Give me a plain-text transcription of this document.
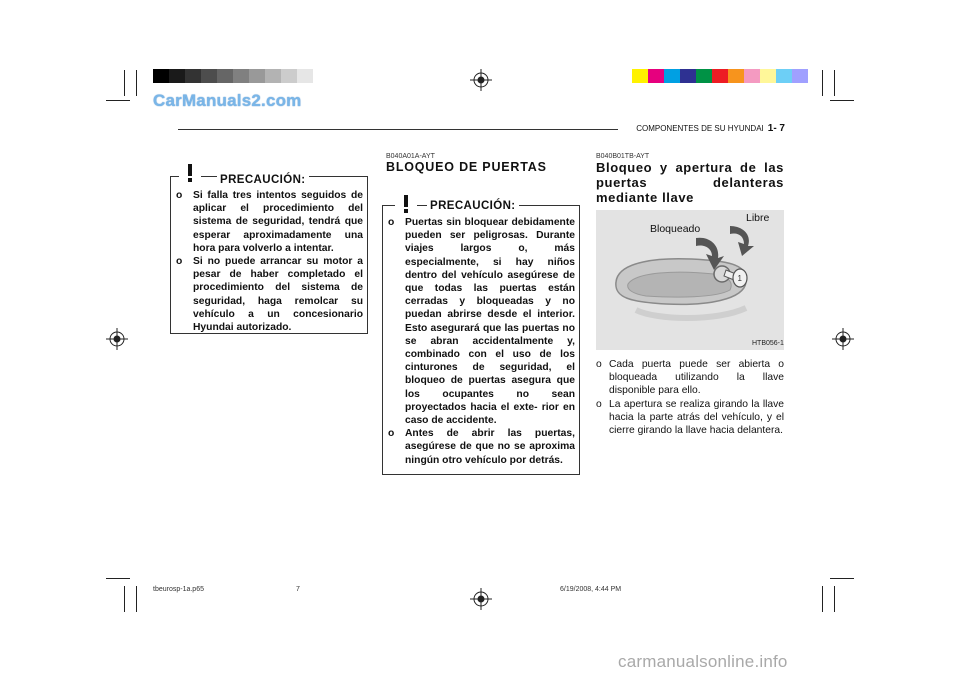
CarManuals2.com
COMPONENTES DE SU HYUNDAI 1- 7
PRECAUCIÓN:
o Si falla tres intentos seguidos de aplicar el procedimiento del sistema de seguridad, tendrá que esperar aproximadamente una hora para volverlo a intentar.
o Si no puede arrancar su motor a pesar de haber completado el procedimiento del sistema de seguridad, haga remolcar su vehículo a un concesionario Hyundai autorizado.
B040A01A-AYT
BLOQUEO DE PUERTAS
PRECAUCIÓN:
o Puertas sin bloquear debidamente pueden ser peligrosas. Durante viajes largos o, más especialmente, si hay niños dentro del vehículo asegúrese de que todas las puertas están cerradas y bloqueadas y no puedan abrirse desde el interior. Esto asegurará que las puertas no se abran accidentalmente y, combinado con el uso de los cinturones de seguridad, el bloqueo de puertas asegura que los ocupantes no sean proyectados hacia el exte- rior en caso de accidente.
o Antes de abrir las puertas, asegúrese de que no se aproxima ningún otro vehículo por detrás.
B040B01TB-AYT
Bloqueo y apertura de las puertas delanteras mediante llave
1
Bloqueado
Libre
HTB056-1
o Cada puerta puede ser abierta o bloqueada utilizando la llave disponible para ello.
o La apertura se realiza girando la llave hacia la parte atrás del vehículo, y el cierre girando la llave hacia delantera.
tbeurosp-1a.p65	7	6/19/2008, 4:44 PM
carmanualsonline.info
